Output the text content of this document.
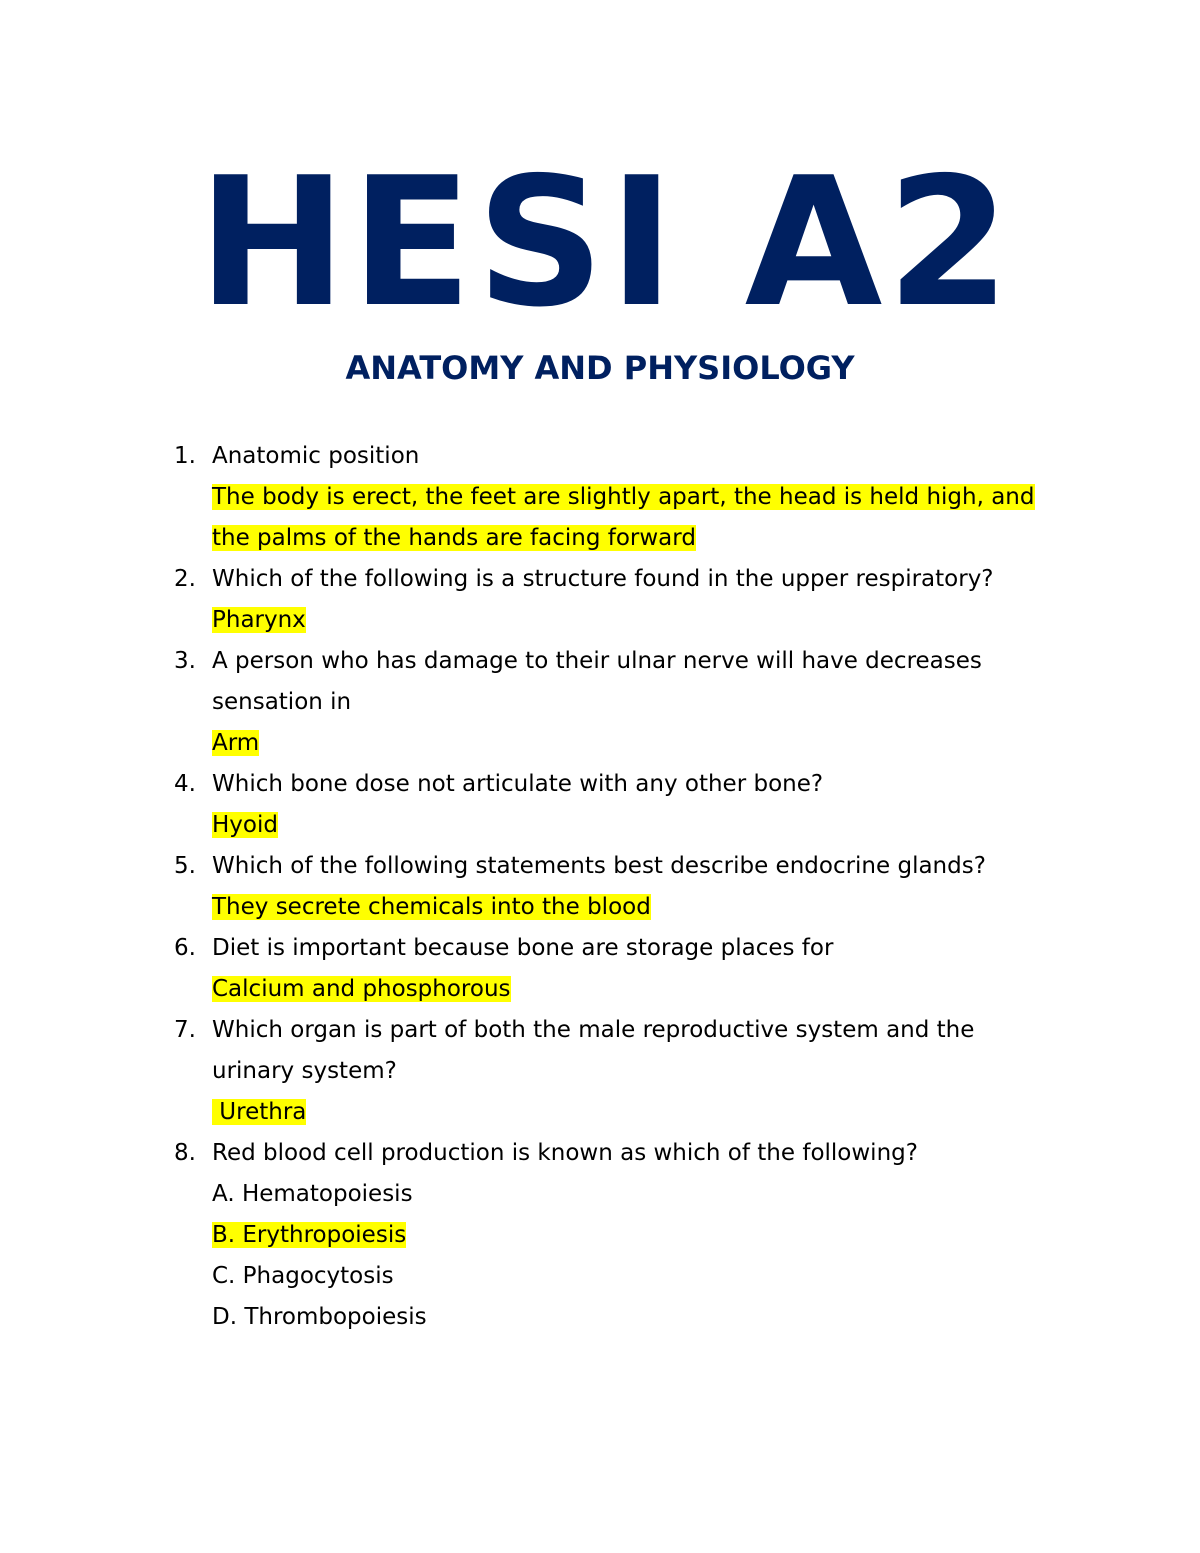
HESI A2
ANATOMY AND PHYSIOLOGY
1. Anatomic position
The body is erect, the feet are slightly apart, the head is held high, and
the palms of the hands are facing forward
2. Which of the following is a structure found in the upper respiratory?
Pharynx
3. A person who has damage to their ulnar nerve will have decreases
sensation in
Arm
4. Which bone dose not articulate with any other bone?
Hyoid
5. Which of the following statements best describe endocrine glands?
They secrete chemicals into the blood
6. Diet is important because bone are storage places for
Calcium and phosphorous
7. Which organ is part of both the male reproductive system and the
urinary system?
Urethra
8. Red blood cell production is known as which of the following?
A. Hematopoiesis
B. Erythropoiesis
C. Phagocytosis
D. Thrombopoiesis
